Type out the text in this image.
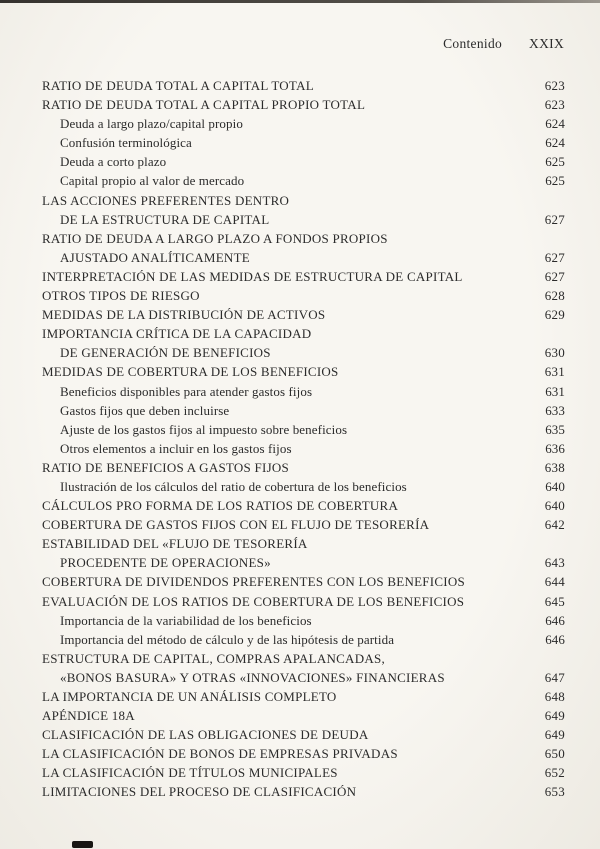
Contenido XXIX
RATIO DE DEUDA TOTAL A CAPITAL TOTAL	623
RATIO DE DEUDA TOTAL A CAPITAL PROPIO TOTAL	623
Deuda a largo plazo/capital propio	624
Confusión terminológica	624
Deuda a corto plazo	625
Capital propio al valor de mercado	625
LAS ACCIONES PREFERENTES DENTRO
DE LA ESTRUCTURA DE CAPITAL	627
RATIO DE DEUDA A LARGO PLAZO A FONDOS PROPIOS
AJUSTADO ANALÍTICAMENTE	627
INTERPRETACIÓN DE LAS MEDIDAS DE ESTRUCTURA DE CAPITAL	627
OTROS TIPOS DE RIESGO	628
MEDIDAS DE LA DISTRIBUCIÓN DE ACTIVOS	629
IMPORTANCIA CRÍTICA DE LA CAPACIDAD
DE GENERACIÓN DE BENEFICIOS	630
MEDIDAS DE COBERTURA DE LOS BENEFICIOS	631
Beneficios disponibles para atender gastos fijos	631
Gastos fijos que deben incluirse	633
Ajuste de los gastos fijos al impuesto sobre beneficios	635
Otros elementos a incluir en los gastos fijos	636
RATIO DE BENEFICIOS A GASTOS FIJOS	638
Ilustración de los cálculos del ratio de cobertura de los beneficios	640
CÁLCULOS PRO FORMA DE LOS RATIOS DE COBERTURA	640
COBERTURA DE GASTOS FIJOS CON EL FLUJO DE TESORERÍA	642
ESTABILIDAD DEL «FLUJO DE TESORERÍA
PROCEDENTE DE OPERACIONES»	643
COBERTURA DE DIVIDENDOS PREFERENTES CON LOS BENEFICIOS	644
EVALUACIÓN DE LOS RATIOS DE COBERTURA DE LOS BENEFICIOS	645
Importancia de la variabilidad de los beneficios	646
Importancia del método de cálculo y de las hipótesis de partida	646
ESTRUCTURA DE CAPITAL, COMPRAS APALANCADAS,
«BONOS BASURA» Y OTRAS «INNOVACIONES» FINANCIERAS	647
LA IMPORTANCIA DE UN ANÁLISIS COMPLETO	648
APÉNDICE 18A	649
CLASIFICACIÓN DE LAS OBLIGACIONES DE DEUDA	649
LA CLASIFICACIÓN DE BONOS DE EMPRESAS PRIVADAS	650
LA CLASIFICACIÓN DE TÍTULOS MUNICIPALES	652
LIMITACIONES DEL PROCESO DE CLASIFICACIÓN	653
